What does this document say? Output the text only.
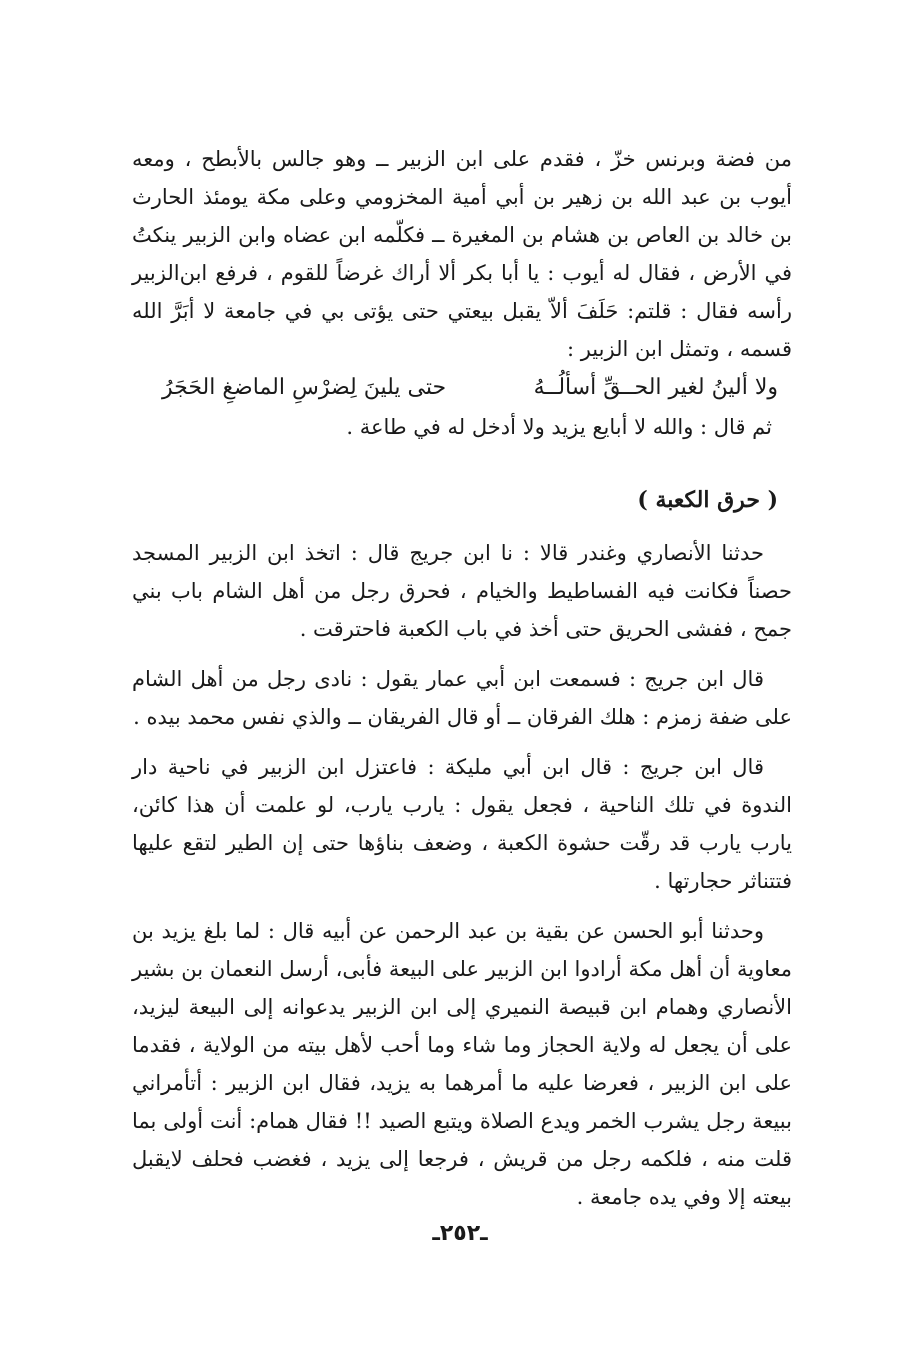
من فضة وبرنس خزّ ، فقدم على ابن الزبير ــ وهو جالس بالأبطح ، ومعه أيوب بن عبد الله بن زهير بن أبي أمية المخزومي وعلى مكة يومئذ الحارث بن خالد بن العاص بن هشام بن المغيرة ــ فكلّمه ابن عضاه وابن الزبير ينكتُ في الأرض ، فقال له أيوب : يا أبا بكر ألا أراك غرضاً للقوم ، فرفع ابن‌الزبير رأسه فقال : قلتم: حَلَفَ ألاّ يقبل بيعتي حتى يؤتى بي في جامعة لا أبَرَّ الله قسمه ، وتمثل ابن الزبير :

ولا ألينُ لغير الحــقِّ أسألُــهُ
حتى يلينَ لِضرْسِ الماضغِ الحَجَرُ

ثم قال : والله لا أبايع يزيد ولا أدخل له في طاعة .

( حرق الكعبة )

حدثنا الأنصاري وغندر قالا : نا ابن جريج قال : اتخذ ابن الزبير المسجد حصناً فكانت فيه الفساطيط والخيام ، فحرق رجل من أهل الشام باب بني جمح ، ففشى الحريق حتى أخذ في باب الكعبة فاحترقت .

قال ابن جريج : فسمعت ابن أبي عمار يقول : نادى رجل من أهل الشام على ضفة زمزم : هلك الفرقان ــ أو قال الفريقان ــ والذي نفس محمد بيده .

قال ابن جريج : قال ابن أبي مليكة : فاعتزل ابن الزبير في ناحية دار الندوة في تلك الناحية ، فجعل يقول : يارب يارب، لو علمت أن هذا كائن، يارب يارب قد رقّت حشوة الكعبة ، وضعف بناؤها حتى إن الطير لتقع عليها فتتناثر حجارتها .

وحدثنا أبو الحسن عن بقية بن عبد الرحمن عن أبيه قال : لما بلغ يزيد بن معاوية أن أهل مكة أرادوا ابن الزبير على البيعة فأبى، أرسل النعمان بن بشير الأنصاري وهمام ابن قبيصة النميري إلى ابن الزبير يدعوانه إلى البيعة ليزيد، على أن يجعل له ولاية الحجاز وما شاء وما أحب لأهل بيته من الولاية ، فقدما على ابن الزبير ، فعرضا عليه ما أمرهما به يزيد، فقال ابن الزبير : أتأمراني ببيعة رجل يشرب الخمر ويدع الصلاة ويتبع الصيد !! فقال همام: أنت أولى بما قلت منه ، فلكمه رجل من قريش ، فرجعا إلى يزيد ، فغضب فحلف لايقبل بيعته إلا وفي يده جامعة .

ـ٢٥٢ـ
